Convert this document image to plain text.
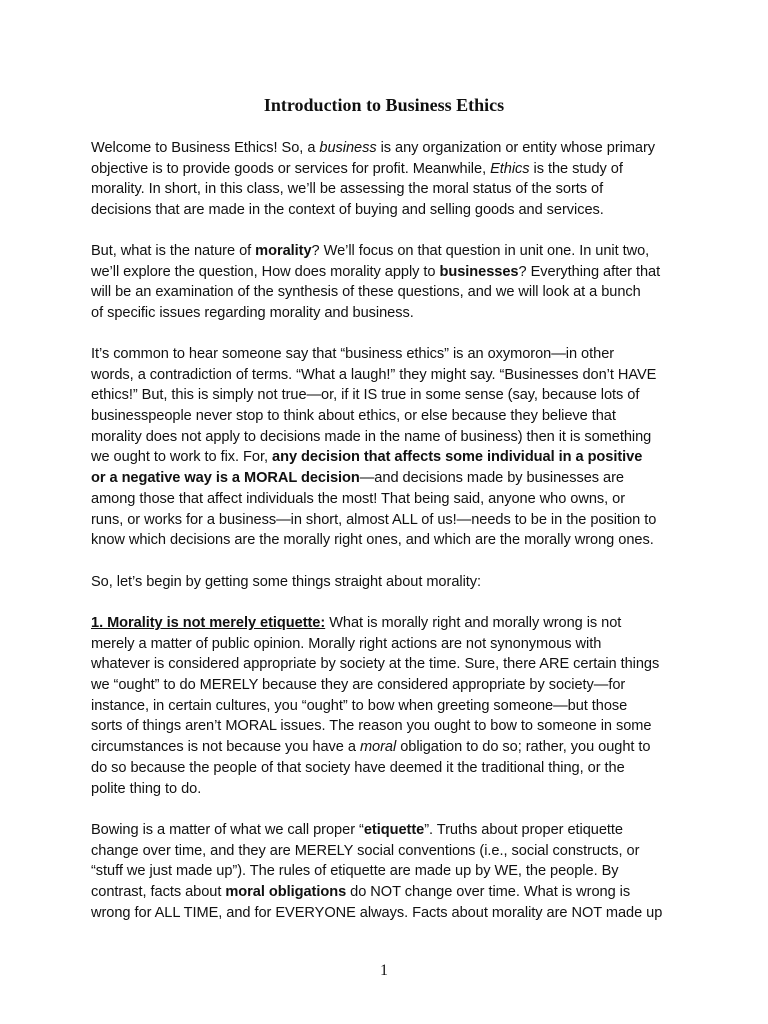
Introduction to Business Ethics
Welcome to Business Ethics! So, a business is any organization or entity whose primary
objective is to provide goods or services for profit. Meanwhile, Ethics is the study of
morality. In short, in this class, we’ll be assessing the moral status of the sorts of
decisions that are made in the context of buying and selling goods and services.
But, what is the nature of morality? We’ll focus on that question in unit one. In unit two,
we’ll explore the question, How does morality apply to businesses? Everything after that
will be an examination of the synthesis of these questions, and we will look at a bunch
of specific issues regarding morality and business.
It’s common to hear someone say that “business ethics” is an oxymoron—in other
words, a contradiction of terms. “What a laugh!” they might say. “Businesses don’t HAVE
ethics!” But, this is simply not true—or, if it IS true in some sense (say, because lots of
businesspeople never stop to think about ethics, or else because they believe that
morality does not apply to decisions made in the name of business) then it is something
we ought to work to fix. For, any decision that affects some individual in a positive
or a negative way is a MORAL decision—and decisions made by businesses are
among those that affect individuals the most! That being said, anyone who owns, or
runs, or works for a business—in short, almost ALL of us!—needs to be in the position to
know which decisions are the morally right ones, and which are the morally wrong ones.
So, let’s begin by getting some things straight about morality:
1. Morality is not merely etiquette: What is morally right and morally wrong is not
merely a matter of public opinion. Morally right actions are not synonymous with
whatever is considered appropriate by society at the time. Sure, there ARE certain things
we “ought” to do MERELY because they are considered appropriate by society—for
instance, in certain cultures, you “ought” to bow when greeting someone—but those
sorts of things aren’t MORAL issues. The reason you ought to bow to someone in some
circumstances is not because you have a moral obligation to do so; rather, you ought to
do so because the people of that society have deemed it the traditional thing, or the
polite thing to do.
Bowing is a matter of what we call proper “etiquette”. Truths about proper etiquette
change over time, and they are MERELY social conventions (i.e., social constructs, or
“stuff we just made up”). The rules of etiquette are made up by WE, the people. By
contrast, facts about moral obligations do NOT change over time. What is wrong is
wrong for ALL TIME, and for EVERYONE always. Facts about morality are NOT made up
1
